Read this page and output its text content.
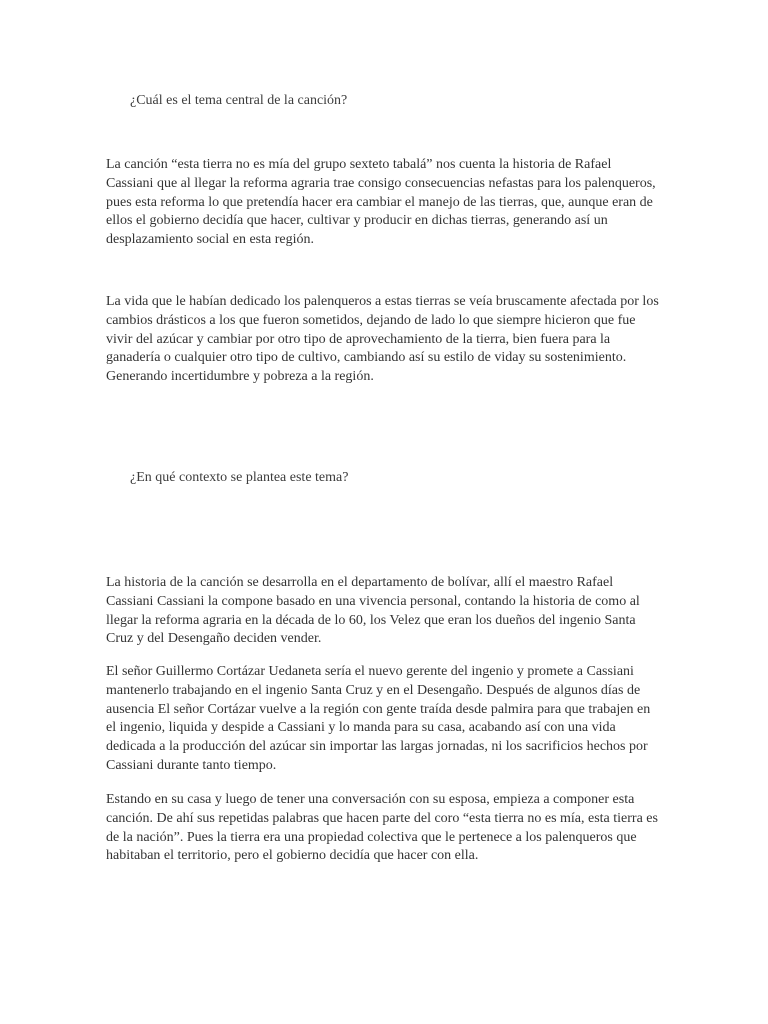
¿Cuál es el tema central de la canción?

La canción “esta tierra no es mía del grupo sexteto tabalá” nos cuenta la historia de Rafael Cassiani que al llegar la reforma agraria trae consigo consecuencias nefastas para los palenqueros, pues esta reforma lo que pretendía hacer era cambiar el manejo de las tierras, que, aunque eran de ellos el gobierno decidía que hacer, cultivar y producir en dichas tierras, generando así un desplazamiento social en esta región.

La vida que le habían dedicado los palenqueros a estas tierras se veía bruscamente afectada por los cambios drásticos a los que fueron sometidos, dejando de lado lo que siempre hicieron que fue vivir del azúcar y cambiar por otro tipo de aprovechamiento de la tierra, bien fuera para la ganadería o cualquier otro tipo de cultivo, cambiando así su estilo de viday su sostenimiento. Generando incertidumbre y pobreza a la región.

¿En qué contexto se plantea este tema?

La historia de la canción se desarrolla en el departamento de bolívar, allí el maestro Rafael Cassiani Cassiani la compone basado en una vivencia personal, contando la historia de como al llegar la reforma agraria en la década de lo 60, los Velez que eran los dueños del ingenio Santa Cruz y del Desengaño deciden vender.

El señor Guillermo Cortázar Uedaneta sería el nuevo gerente del ingenio y promete a Cassiani mantenerlo trabajando en el ingenio Santa Cruz y en el Desengaño. Después de algunos días de ausencia El señor Cortázar vuelve a la región con gente traída desde palmira para que trabajen en el ingenio, liquida y despide a Cassiani y lo manda para su casa, acabando así con una vida dedicada a la producción del azúcar sin importar las largas jornadas, ni los sacrificios hechos por Cassiani durante tanto tiempo.

Estando en su casa y luego de tener una conversación con su esposa, empieza a componer esta canción. De ahí sus repetidas palabras que hacen parte del coro “esta tierra no es mía, esta tierra es de la nación”. Pues la tierra era una propiedad colectiva que le pertenece a los palenqueros que habitaban el territorio, pero el gobierno decidía que hacer con ella.
